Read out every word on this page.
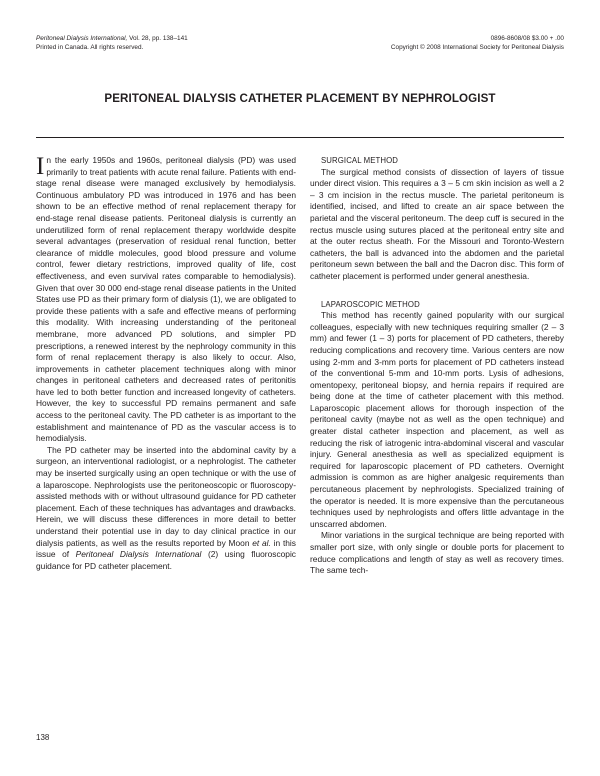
Peritoneal Dialysis International, Vol. 28, pp. 138–141
Printed in Canada. All rights reserved.
0896-8608/08 $3.00 + .00
Copyright © 2008 International Society for Peritoneal Dialysis
PERITONEAL DIALYSIS CATHETER PLACEMENT BY NEPHROLOGIST

In the early 1950s and 1960s, peritoneal dialysis (PD) was used primarily to treat patients with acute renal failure. Patients with end-stage renal disease were managed exclusively by hemodialysis. Continuous ambulatory PD was introduced in 1976 and has been shown to be an effective method of renal replacement therapy for end-stage renal disease patients. Peritoneal dialysis is currently an underutilized form of renal replacement therapy worldwide despite several advantages (preservation of residual renal function, better clearance of middle molecules, good blood pressure and volume control, fewer dietary restrictions, improved quality of life, cost effectiveness, and even survival rates comparable to hemodialysis). Given that over 30 000 end-stage renal disease patients in the United States use PD as their primary form of dialysis (1), we are obligated to provide these patients with a safe and effective means of performing this modality. With increasing understanding of the peritoneal membrane, more advanced PD solutions, and simpler PD prescriptions, a renewed interest by the nephrology community in this form of renal replacement therapy is also likely to occur. Also, improvements in catheter placement techniques along with minor changes in peritoneal catheters and decreased rates of peritonitis have led to both better function and increased longevity of catheters. However, the key to successful PD remains permanent and safe access to the peritoneal cavity. The PD catheter is as important to the establishment and maintenance of PD as the vascular access is to hemodialysis.

The PD catheter may be inserted into the abdominal cavity by a surgeon, an interventional radiologist, or a nephrologist. The catheter may be inserted surgically using an open technique or with the use of a laparoscope. Nephrologists use the peritoneoscopic or fluoroscopy-assisted methods with or without ultrasound guidance for PD catheter placement. Each of these techniques has advantages and drawbacks. Herein, we will discuss these differences in more detail to better understand their potential use in day to day clinical practice in our dialysis patients, as well as the results reported by Moon et al. in this issue of Peritoneal Dialysis International (2) using fluoroscopic guidance for PD catheter placement.

SURGICAL METHOD

The surgical method consists of dissection of layers of tissue under direct vision. This requires a 3 – 5 cm skin incision as well a 2 – 3 cm incision in the rectus muscle. The parietal peritoneum is identified, incised, and lifted to create an air space between the parietal and the visceral peritoneum. The deep cuff is secured in the rectus muscle using sutures placed at the peritoneal entry site and at the outer rectus sheath. For the Missouri and Toronto-Western catheters, the ball is advanced into the abdomen and the parietal peritoneum sewn between the ball and the Dacron disc. This form of catheter placement is performed under general anesthesia.

LAPAROSCOPIC METHOD

This method has recently gained popularity with our surgical colleagues, especially with new techniques requiring smaller (2 – 3 mm) and fewer (1 – 3) ports for placement of PD catheters, thereby reducing complications and recovery time. Various centers are now using 2-mm and 3-mm ports for placement of PD catheters instead of the conventional 5-mm and 10-mm ports. Lysis of adhesions, omentopexy, peritoneal biopsy, and hernia repairs if required are being done at the time of catheter placement with this method. Laparoscopic placement allows for thorough inspection of the peritoneal cavity (maybe not as well as the open technique) and greater distal catheter inspection and placement, as well as reducing the risk of iatrogenic intra-abdominal visceral and vascular injury. General anesthesia as well as specialized equipment is required for laparoscopic placement of PD catheters. Overnight admission is common as are higher analgesic requirements than percutaneous placement by nephrologists. Specialized training of the operator is needed. It is more expensive than the percutaneous techniques used by nephrologists and offers little advantage in the unscarred abdomen.

Minor variations in the surgical technique are being reported with smaller port size, with only single or double ports for placement to reduce complications and length of stay as well as recovery times. The same tech-

138
